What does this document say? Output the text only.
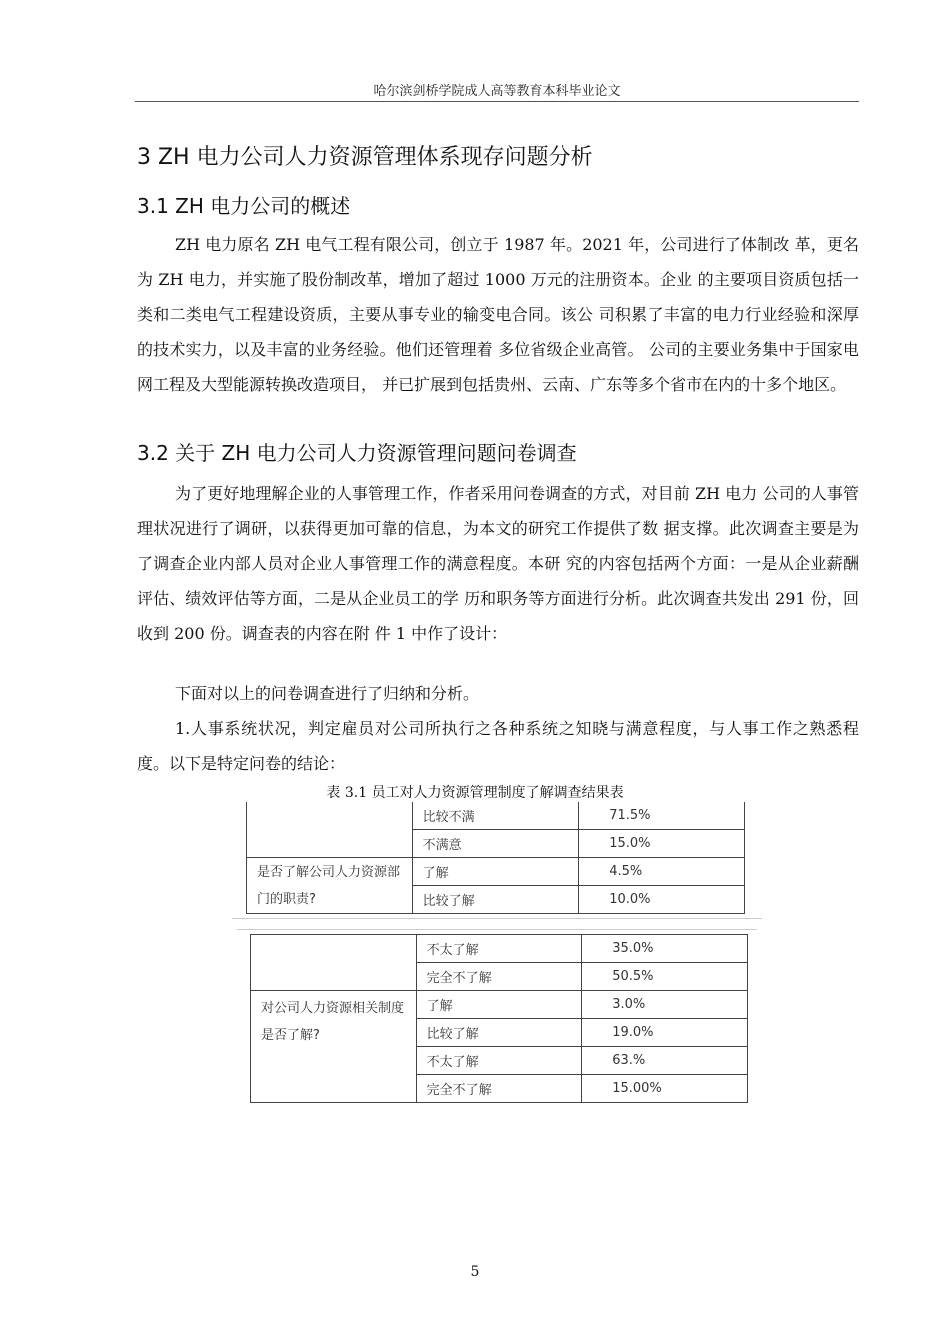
哈尔滨剑桥学院成人高等教育本科毕业论文
3 ZH 电力公司人力资源管理体系现存问题分析
3.1 ZH 电力公司的概述

ZH 电力原名 ZH 电气工程有限公司，创立于 1987 年。2021 年，公司进行了体制改 革，更名为 ZH 电力，并实施了股份制改革，增加了超过 1000 万元的注册资本。企业 的主要项目资质包括一类和二类电气工程建设资质，主要从事专业的输变电合同。该公 司积累了丰富的电力行业经验和深厚的技术实力，以及丰富的业务经验。他们还管理着 多位省级企业高管。 公司的主要业务集中于国家电网工程及大型能源转换改造项目， 并已扩展到包括贵州、云南、广东等多个省市在内的十多个地区。

3.2 关于 ZH 电力公司人力资源管理问题问卷调查

为了更好地理解企业的人事管理工作，作者采用问卷调查的方式，对目前 ZH 电力 公司的人事管理状况进行了调研，以获得更加可靠的信息，为本文的研究工作提供了数 据支撑。此次调查主要是为了调查企业内部人员对企业人事管理工作的满意程度。本研 究的内容包括两个方面：一是从企业薪酬评估、绩效评估等方面，二是从企业员工的学 历和职务等方面进行分析。此次调查共发出 291 份，回收到 200 份。调查表的内容在附 件 1 中作了设计：

下面对以上的问卷调查进行了归纳和分析。

1.人事系统状况，判定雇员对公司所执行之各种系统之知晓与满意程度，与人事工作之熟悉程度。以下是特定问卷的结论：

表 3.1 员工对人力资源管理制度了解调查结果表
	比较不满	71.5%
	不满意	15.0%
是否了解公司人力资源部门的职责?	了解	4.5%
	比较了解	10.0%
	不太了解	35.0%
	完全不了解	50.5%
对公司人力资源相关制度是否了解?	了解	3.0%
	比较了解	19.0%
	不太了解	63.%
	完全不了解	15.00%
5
